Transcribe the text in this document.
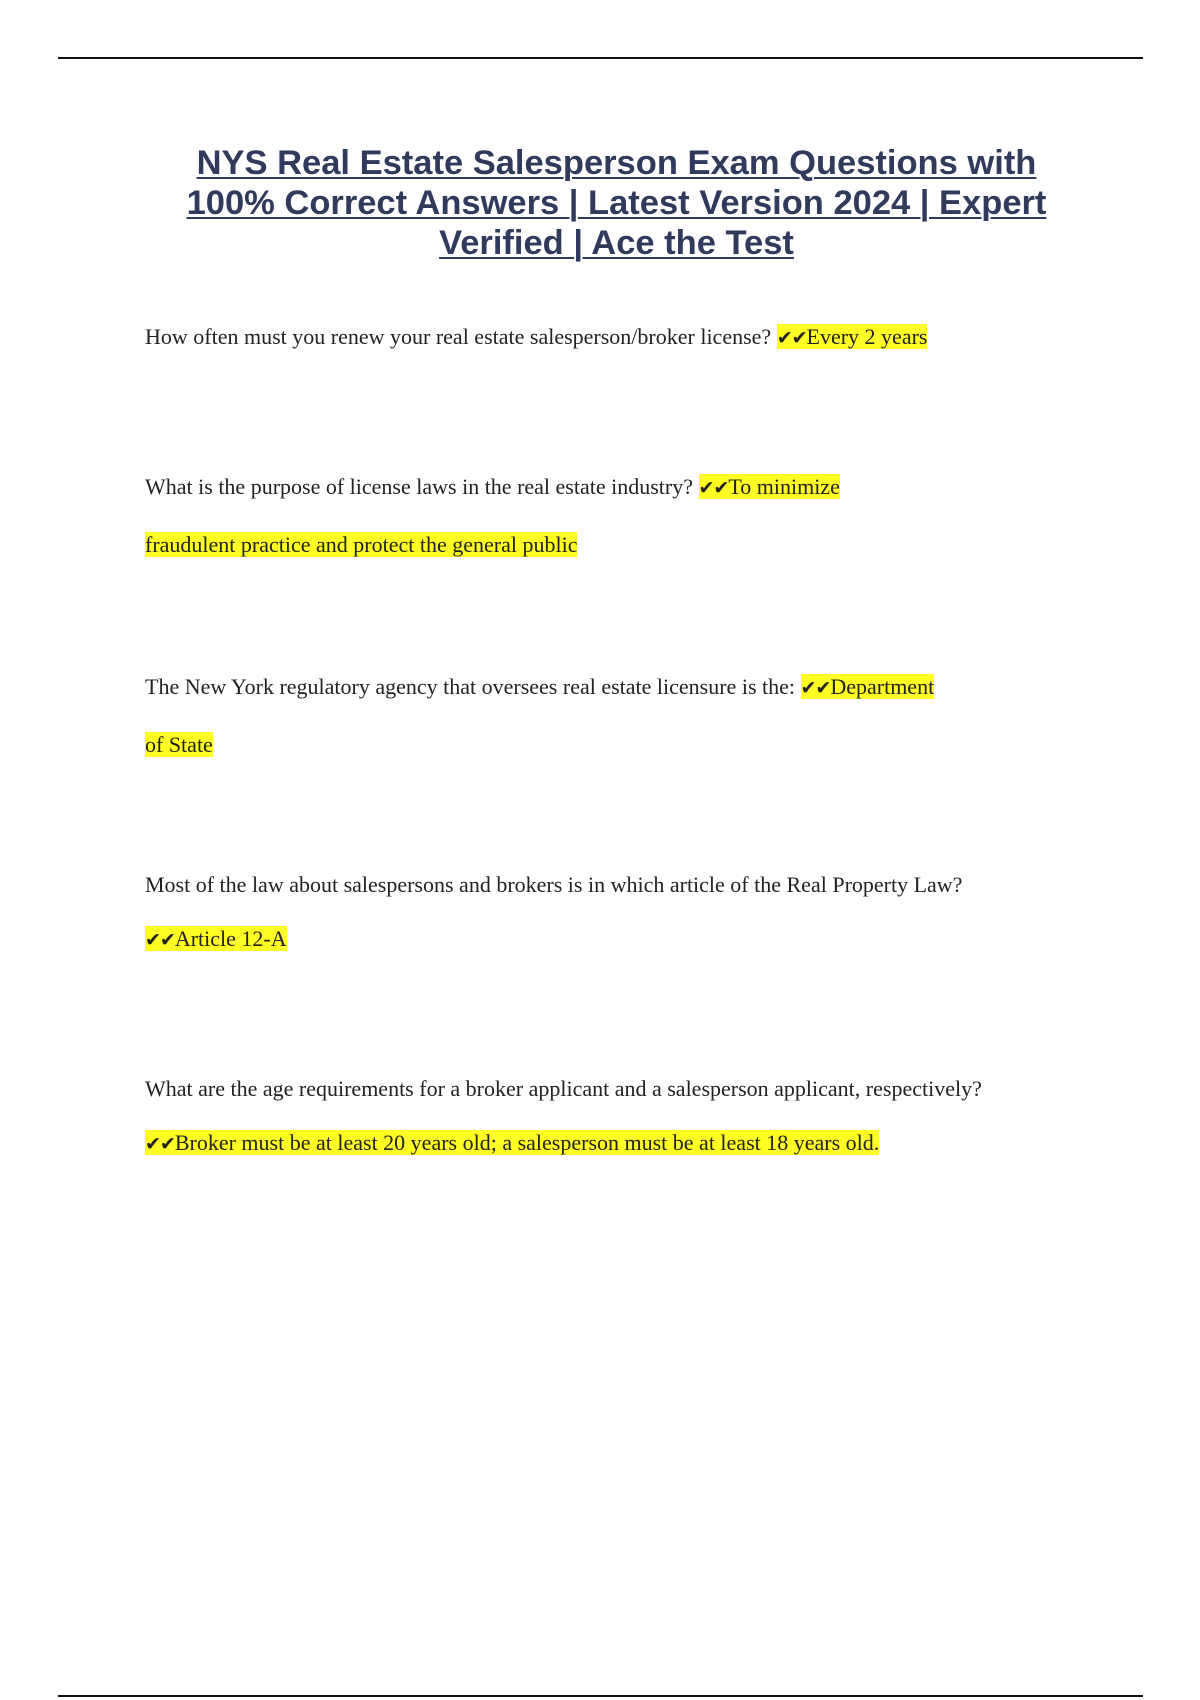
NYS Real Estate Salesperson Exam Questions with
100% Correct Answers | Latest Version 2024 | Expert
Verified | Ace the Test
How often must you renew your real estate salesperson/broker license? ✔✔Every 2 years
What is the purpose of license laws in the real estate industry? ✔✔To minimize
fraudulent practice and protect the general public
The New York regulatory agency that oversees real estate licensure is the: ✔✔Department
of State
Most of the law about salespersons and brokers is in which article of the Real Property Law?
✔✔Article 12-A
What are the age requirements for a broker applicant and a salesperson applicant, respectively?
✔✔Broker must be at least 20 years old; a salesperson must be at least 18 years old.
